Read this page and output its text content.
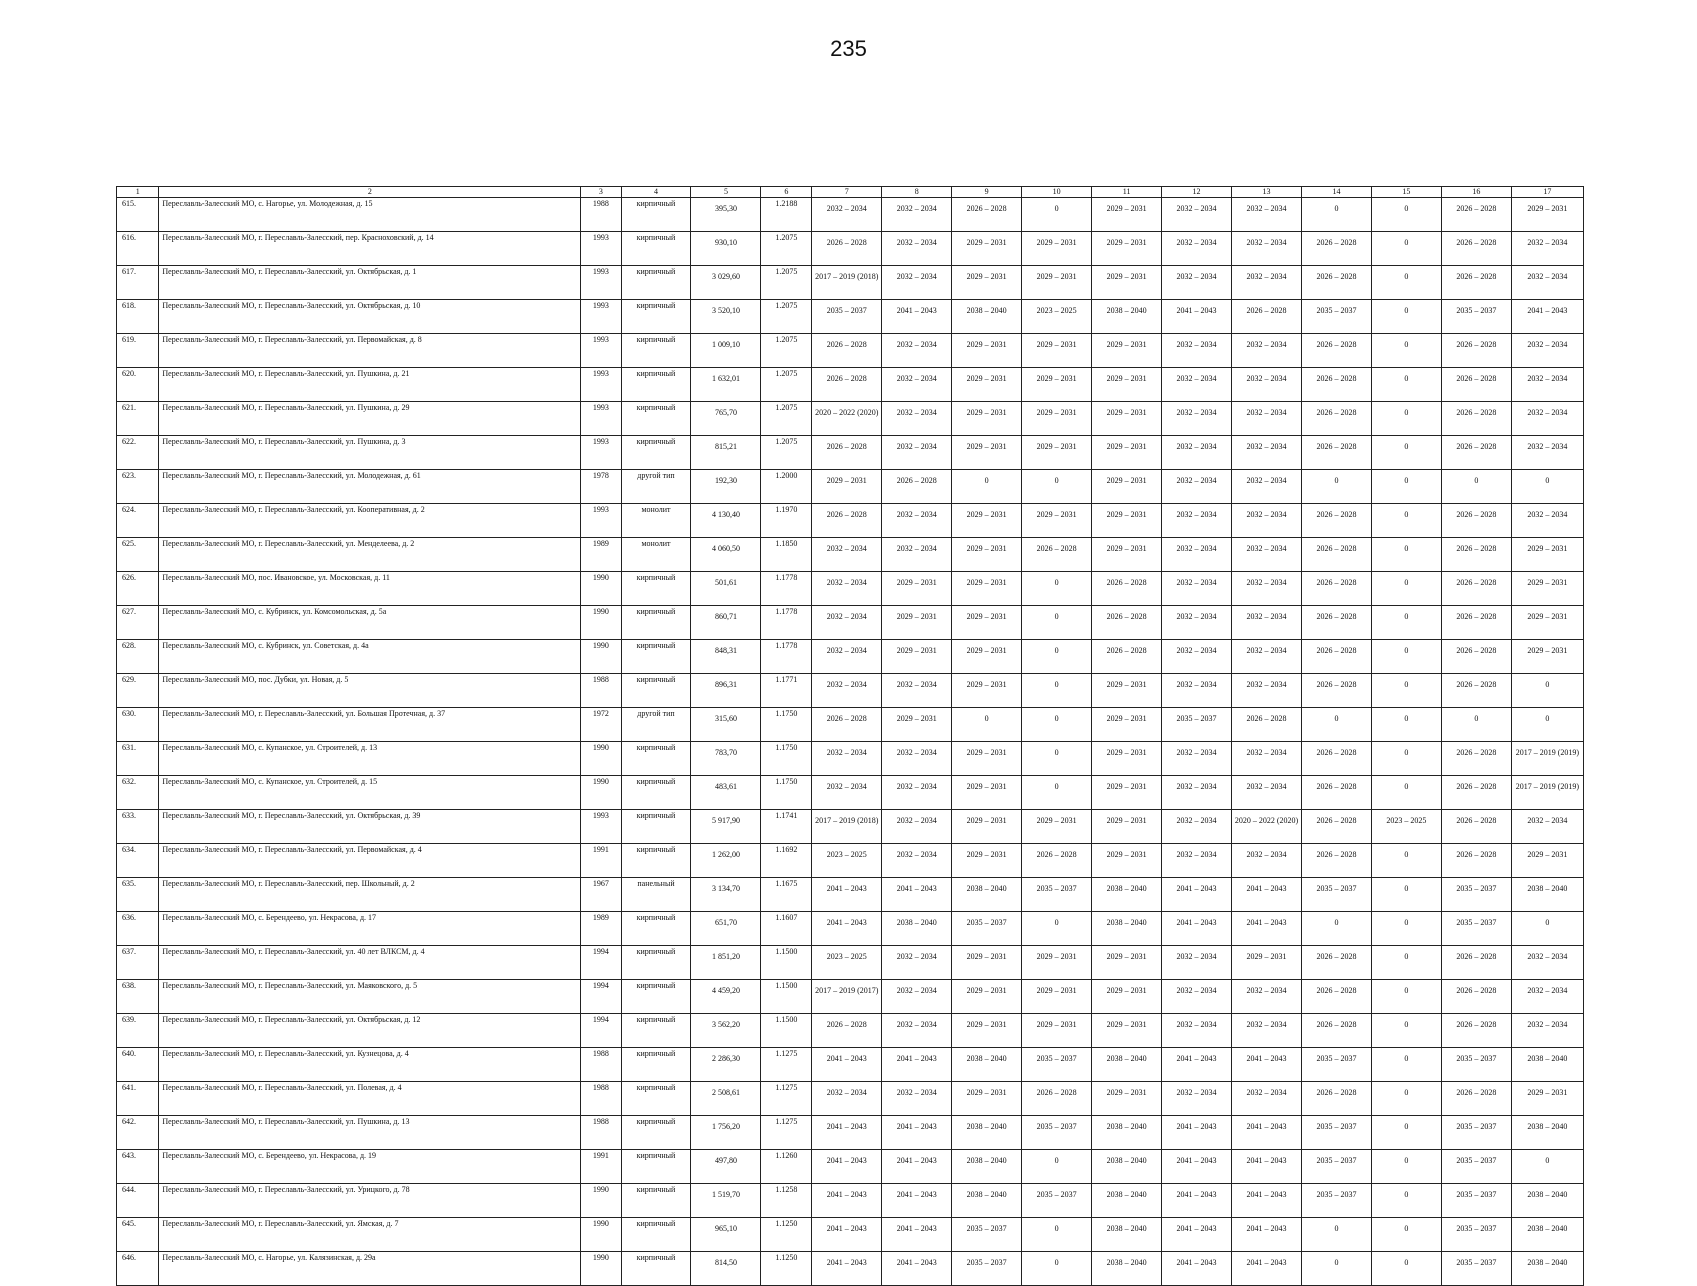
235
1	2	3	4	5	6	7	8	9	10	11	12	13	14	15	16	17
615.	Переславль-Залесский МО, с. Нагорье, ул. Молодежная, д. 15	1988	кирпичный	395,30	1.2188	2032 – 2034	2032 – 2034	2026 – 2028	0	2029 – 2031	2032 – 2034	2032 – 2034	0	0	2026 – 2028	2029 – 2031
616.	Переславль-Залесский МО, г. Переславль-Залесский, пер. Красноховский, д. 14	1993	кирпичный	930,10	1.2075	2026 – 2028	2032 – 2034	2029 – 2031	2029 – 2031	2029 – 2031	2032 – 2034	2032 – 2034	2026 – 2028	0	2026 – 2028	2032 – 2034
617.	Переславль-Залесский МО, г. Переславль-Залесский, ул. Октябрьская, д. 1	1993	кирпичный	3 029,60	1.2075	2017 – 2019 (2018)	2032 – 2034	2029 – 2031	2029 – 2031	2029 – 2031	2032 – 2034	2032 – 2034	2026 – 2028	0	2026 – 2028	2032 – 2034
618.	Переславль-Залесский МО, г. Переславль-Залесский, ул. Октябрьская, д. 10	1993	кирпичный	3 520,10	1.2075	2035 – 2037	2041 – 2043	2038 – 2040	2023 – 2025	2038 – 2040	2041 – 2043	2026 – 2028	2035 – 2037	0	2035 – 2037	2041 – 2043
619.	Переславль-Залесский МО, г. Переславль-Залесский, ул. Первомайская, д. 8	1993	кирпичный	1 009,10	1.2075	2026 – 2028	2032 – 2034	2029 – 2031	2029 – 2031	2029 – 2031	2032 – 2034	2032 – 2034	2026 – 2028	0	2026 – 2028	2032 – 2034
620.	Переславль-Залесский МО, г. Переславль-Залесский, ул. Пушкина, д. 21	1993	кирпичный	1 632,01	1.2075	2026 – 2028	2032 – 2034	2029 – 2031	2029 – 2031	2029 – 2031	2032 – 2034	2032 – 2034	2026 – 2028	0	2026 – 2028	2032 – 2034
621.	Переславль-Залесский МО, г. Переславль-Залесский, ул. Пушкина, д. 29	1993	кирпичный	765,70	1.2075	2020 – 2022 (2020)	2032 – 2034	2029 – 2031	2029 – 2031	2029 – 2031	2032 – 2034	2032 – 2034	2026 – 2028	0	2026 – 2028	2032 – 2034
622.	Переславль-Залесский МО, г. Переславль-Залесский, ул. Пушкина, д. 3	1993	кирпичный	815,21	1.2075	2026 – 2028	2032 – 2034	2029 – 2031	2029 – 2031	2029 – 2031	2032 – 2034	2032 – 2034	2026 – 2028	0	2026 – 2028	2032 – 2034
623.	Переславль-Залесский МО, г. Переславль-Залесский, ул. Молодежная, д. 61	1978	другой тип	192,30	1.2000	2029 – 2031	2026 – 2028	0	0	2029 – 2031	2032 – 2034	2032 – 2034	0	0	0	0
624.	Переславль-Залесский МО, г. Переславль-Залесский, ул. Кооперативная, д. 2	1993	монолит	4 130,40	1.1970	2026 – 2028	2032 – 2034	2029 – 2031	2029 – 2031	2029 – 2031	2032 – 2034	2032 – 2034	2026 – 2028	0	2026 – 2028	2032 – 2034
625.	Переславль-Залесский МО, г. Переславль-Залесский, ул. Менделеева, д. 2	1989	монолит	4 060,50	1.1850	2032 – 2034	2032 – 2034	2029 – 2031	2026 – 2028	2029 – 2031	2032 – 2034	2032 – 2034	2026 – 2028	0	2026 – 2028	2029 – 2031
626.	Переславль-Залесский МО, пос. Ивановское, ул. Московская, д. 11	1990	кирпичный	501,61	1.1778	2032 – 2034	2029 – 2031	2029 – 2031	0	2026 – 2028	2032 – 2034	2032 – 2034	2026 – 2028	0	2026 – 2028	2029 – 2031
627.	Переславль-Залесский МО, с. Кубринск, ул. Комсомольская, д. 5а	1990	кирпичный	860,71	1.1778	2032 – 2034	2029 – 2031	2029 – 2031	0	2026 – 2028	2032 – 2034	2032 – 2034	2026 – 2028	0	2026 – 2028	2029 – 2031
628.	Переславль-Залесский МО, с. Кубринск, ул. Советская, д. 4а	1990	кирпичный	848,31	1.1778	2032 – 2034	2029 – 2031	2029 – 2031	0	2026 – 2028	2032 – 2034	2032 – 2034	2026 – 2028	0	2026 – 2028	2029 – 2031
629.	Переславль-Залесский МО, пос. Дубки, ул. Новая, д. 5	1988	кирпичный	896,31	1.1771	2032 – 2034	2032 – 2034	2029 – 2031	0	2029 – 2031	2032 – 2034	2032 – 2034	2026 – 2028	0	2026 – 2028	0
630.	Переславль-Залесский МО, г. Переславль-Залесский, ул. Большая Протечная, д. 37	1972	другой тип	315,60	1.1750	2026 – 2028	2029 – 2031	0	0	2029 – 2031	2035 – 2037	2026 – 2028	0	0	0	0
631.	Переславль-Залесский МО, с. Купанское, ул. Строителей, д. 13	1990	кирпичный	783,70	1.1750	2032 – 2034	2032 – 2034	2029 – 2031	0	2029 – 2031	2032 – 2034	2032 – 2034	2026 – 2028	0	2026 – 2028	2017 – 2019 (2019)
632.	Переславль-Залесский МО, с. Купанское, ул. Строителей, д. 15	1990	кирпичный	483,61	1.1750	2032 – 2034	2032 – 2034	2029 – 2031	0	2029 – 2031	2032 – 2034	2032 – 2034	2026 – 2028	0	2026 – 2028	2017 – 2019 (2019)
633.	Переславль-Залесский МО, г. Переславль-Залесский, ул. Октябрьская, д. 39	1993	кирпичный	5 917,90	1.1741	2017 – 2019 (2018)	2032 – 2034	2029 – 2031	2029 – 2031	2029 – 2031	2032 – 2034	2020 – 2022 (2020)	2026 – 2028	2023 – 2025	2026 – 2028	2032 – 2034
634.	Переславль-Залесский МО, г. Переславль-Залесский, ул. Первомайская, д. 4	1991	кирпичный	1 262,00	1.1692	2023 – 2025	2032 – 2034	2029 – 2031	2026 – 2028	2029 – 2031	2032 – 2034	2032 – 2034	2026 – 2028	0	2026 – 2028	2029 – 2031
635.	Переславль-Залесский МО, г. Переславль-Залесский, пер. Школьный, д. 2	1967	панельный	3 134,70	1.1675	2041 – 2043	2041 – 2043	2038 – 2040	2035 – 2037	2038 – 2040	2041 – 2043	2041 – 2043	2035 – 2037	0	2035 – 2037	2038 – 2040
636.	Переславль-Залесский МО, с. Берендеево, ул. Некрасова, д. 17	1989	кирпичный	651,70	1.1607	2041 – 2043	2038 – 2040	2035 – 2037	0	2038 – 2040	2041 – 2043	2041 – 2043	0	0	2035 – 2037	0
637.	Переславль-Залесский МО, г. Переславль-Залесский, ул. 40 лет ВЛКСМ, д. 4	1994	кирпичный	1 851,20	1.1500	2023 – 2025	2032 – 2034	2029 – 2031	2029 – 2031	2029 – 2031	2032 – 2034	2029 – 2031	2026 – 2028	0	2026 – 2028	2032 – 2034
638.	Переславль-Залесский МО, г. Переславль-Залесский, ул. Маяковского, д. 5	1994	кирпичный	4 459,20	1.1500	2017 – 2019 (2017)	2032 – 2034	2029 – 2031	2029 – 2031	2029 – 2031	2032 – 2034	2032 – 2034	2026 – 2028	0	2026 – 2028	2032 – 2034
639.	Переславль-Залесский МО, г. Переславль-Залесский, ул. Октябрьская, д. 12	1994	кирпичный	3 562,20	1.1500	2026 – 2028	2032 – 2034	2029 – 2031	2029 – 2031	2029 – 2031	2032 – 2034	2032 – 2034	2026 – 2028	0	2026 – 2028	2032 – 2034
640.	Переславль-Залесский МО, г. Переславль-Залесский, ул. Кузнецова, д. 4	1988	кирпичный	2 286,30	1.1275	2041 – 2043	2041 – 2043	2038 – 2040	2035 – 2037	2038 – 2040	2041 – 2043	2041 – 2043	2035 – 2037	0	2035 – 2037	2038 – 2040
641.	Переславль-Залесский МО, г. Переславль-Залесский, ул. Полевая, д. 4	1988	кирпичный	2 508,61	1.1275	2032 – 2034	2032 – 2034	2029 – 2031	2026 – 2028	2029 – 2031	2032 – 2034	2032 – 2034	2026 – 2028	0	2026 – 2028	2029 – 2031
642.	Переславль-Залесский МО, г. Переславль-Залесский, ул. Пушкина, д. 13	1988	кирпичный	1 756,20	1.1275	2041 – 2043	2041 – 2043	2038 – 2040	2035 – 2037	2038 – 2040	2041 – 2043	2041 – 2043	2035 – 2037	0	2035 – 2037	2038 – 2040
643.	Переславль-Залесский МО, с. Берендеево, ул. Некрасова, д. 19	1991	кирпичный	497,80	1.1260	2041 – 2043	2041 – 2043	2038 – 2040	0	2038 – 2040	2041 – 2043	2041 – 2043	2035 – 2037	0	2035 – 2037	0
644.	Переславль-Залесский МО, г. Переславль-Залесский, ул. Урицкого, д. 78	1990	кирпичный	1 519,70	1.1258	2041 – 2043	2041 – 2043	2038 – 2040	2035 – 2037	2038 – 2040	2041 – 2043	2041 – 2043	2035 – 2037	0	2035 – 2037	2038 – 2040
645.	Переславль-Залесский МО, г. Переславль-Залесский, ул. Ямская, д. 7	1990	кирпичный	965,10	1.1250	2041 – 2043	2041 – 2043	2035 – 2037	0	2038 – 2040	2041 – 2043	2041 – 2043	0	0	2035 – 2037	2038 – 2040
646.	Переславль-Залесский МО, с. Нагорье, ул. Калязинская, д. 29а	1990	кирпичный	814,50	1.1250	2041 – 2043	2041 – 2043	2035 – 2037	0	2038 – 2040	2041 – 2043	2041 – 2043	0	0	2035 – 2037	2038 – 2040
